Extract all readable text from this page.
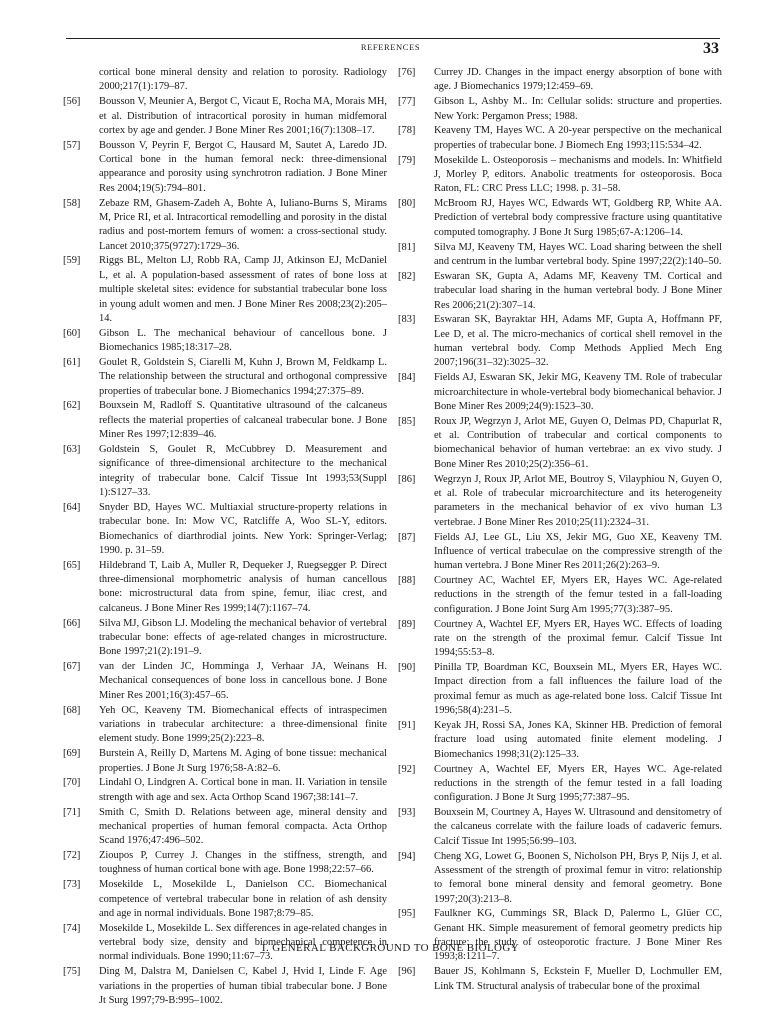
REFERENCES	33

cortical bone mineral density and relation to porosity. Radiology 2000;217(1):179–87.

[56] Bousson V, Meunier A, Bergot C, Vicaut E, Rocha MA, Morais MH, et al. Distribution of intracortical porosity in human midfemoral cortex by age and gender. J Bone Miner Res 2001;16(7):1308–17.

[57] Bousson V, Peyrin F, Bergot C, Hausard M, Sautet A, Laredo JD. Cortical bone in the human femoral neck: three-dimensional appearance and porosity using synchrotron radiation. J Bone Miner Res 2004;19(5):794–801.

[58] Zebaze RM, Ghasem-Zadeh A, Bohte A, Iuliano-Burns S, Mirams M, Price RI, et al. Intracortical remodelling and porosity in the distal radius and post-mortem femurs of women: a cross-sectional study. Lancet 2010;375(9727):1729–36.

[59] Riggs BL, Melton LJ, Robb RA, Camp JJ, Atkinson EJ, McDaniel L, et al. A population-based assessment of rates of bone loss at multiple skeletal sites: evidence for substantial trabecular bone loss in young adult women and men. J Bone Miner Res 2008;23(2):205–14.

[60] Gibson L. The mechanical behaviour of cancellous bone. J Biomechanics 1985;18:317–28.

[61] Goulet R, Goldstein S, Ciarelli M, Kuhn J, Brown M, Feldkamp L. The relationship between the structural and orthogonal compressive properties of trabecular bone. J Biomechanics 1994;27:375–89.

[62] Bouxsein M, Radloff S. Quantitative ultrasound of the calcaneus reflects the material properties of calcaneal trabecular bone. J Bone Miner Res 1997;12:839–46.

[63] Goldstein S, Goulet R, McCubbrey D. Measurement and significance of three-dimensional architecture to the mechanical integrity of trabecular bone. Calcif Tissue Int 1993;53(Suppl 1):S127–33.

[64] Snyder BD, Hayes WC. Multiaxial structure-property relations in trabecular bone. In: Mow VC, Ratcliffe A, Woo SL-Y, editors. Biomechanics of diarthrodial joints. New York: Springer-Verlag; 1990. p. 31–59.

[65] Hildebrand T, Laib A, Muller R, Dequeker J, Ruegsegger P. Direct three-dimensional morphometric analysis of human cancellous bone: microstructural data from spine, femur, iliac crest, and calcaneus. J Bone Miner Res 1999;14(7):1167–74.

[66] Silva MJ, Gibson LJ. Modeling the mechanical behavior of vertebral trabecular bone: effects of age-related changes in microstructure. Bone 1997;21(2):191–9.

[67] van der Linden JC, Homminga J, Verhaar JA, Weinans H. Mechanical consequences of bone loss in cancellous bone. J Bone Miner Res 2001;16(3):457–65.

[68] Yeh OC, Keaveny TM. Biomechanical effects of intraspecimen variations in trabecular architecture: a three-dimensional finite element study. Bone 1999;25(2):223–8.

[69] Burstein A, Reilly D, Martens M. Aging of bone tissue: mechanical properties. J Bone Jt Surg 1976;58-A:82–6.

[70] Lindahl O, Lindgren A. Cortical bone in man. II. Variation in tensile strength with age and sex. Acta Orthop Scand 1967;38:141–7.

[71] Smith C, Smith D. Relations between age, mineral density and mechanical properties of human femoral compacta. Acta Orthop Scand 1976;47:496–502.

[72] Zioupos P, Currey J. Changes in the stiffness, strength, and toughness of human cortical bone with age. Bone 1998;22:57–66.

[73] Mosekilde L, Mosekilde L, Danielson CC. Biomechanical competence of vertebral trabecular bone in relation of ash density and age in normal individuals. Bone 1987;8:79–85.

[74] Mosekilde L, Mosekilde L. Sex differences in age-related changes in vertebral body size, density and biomechanical competence in normal individuals. Bone 1990;11:67–73.

[75] Ding M, Dalstra M, Danielsen C, Kabel J, Hvid I, Linde F. Age variations in the properties of human tibial trabecular bone. J Bone Jt Surg 1997;79-B:995–1002.

[76] Currey JD. Changes in the impact energy absorption of bone with age. J Biomechanics 1979;12:459–69.

[77] Gibson L, Ashby M.. In: Cellular solids: structure and properties. New York: Pergamon Press; 1988.

[78] Keaveny TM, Hayes WC. A 20-year perspective on the mechanical properties of trabecular bone. J Biomech Eng 1993;115:534–42.

[79] Mosekilde L. Osteoporosis – mechanisms and models. In: Whitfield J, Morley P, editors. Anabolic treatments for osteoporosis. Boca Raton, FL: CRC Press LLC; 1998. p. 31–58.

[80] McBroom RJ, Hayes WC, Edwards WT, Goldberg RP, White AA. Prediction of vertebral body compressive fracture using quantitative computed tomography. J Bone Jt Surg 1985;67-A:1206–14.

[81] Silva MJ, Keaveny TM, Hayes WC. Load sharing between the shell and centrum in the lumbar vertebral body. Spine 1997;22(2):140–50.

[82] Eswaran SK, Gupta A, Adams MF, Keaveny TM. Cortical and trabecular load sharing in the human vertebral body. J Bone Miner Res 2006;21(2):307–14.

[83] Eswaran SK, Bayraktar HH, Adams MF, Gupta A, Hoffmann PF, Lee D, et al. The micro-mechanics of cortical shell removel in the human vertebral body. Comp Methods Applied Mech Eng 2007;196(31–32):3025–32.

[84] Fields AJ, Eswaran SK, Jekir MG, Keaveny TM. Role of trabecular microarchitecture in whole-vertebral body biomechanical behavior. J Bone Miner Res 2009;24(9):1523–30.

[85] Roux JP, Wegrzyn J, Arlot ME, Guyen O, Delmas PD, Chapurlat R, et al. Contribution of trabecular and cortical components to biomechanical behavior of human vertebrae: an ex vivo study. J Bone Miner Res 2010;25(2):356–61.

[86] Wegrzyn J, Roux JP, Arlot ME, Boutroy S, Vilayphiou N, Guyen O, et al. Role of trabecular microarchitecture and its heterogeneity parameters in the mechanical behavior of ex vivo human L3 vertebrae. J Bone Miner Res 2010;25(11):2324–31.

[87] Fields AJ, Lee GL, Liu XS, Jekir MG, Guo XE, Keaveny TM. Influence of vertical trabeculae on the compressive strength of the human vertebra. J Bone Miner Res 2011;26(2):263–9.

[88] Courtney AC, Wachtel EF, Myers ER, Hayes WC. Age-related reductions in the strength of the femur tested in a fall-loading configuration. J Bone Joint Surg Am 1995;77(3):387–95.

[89] Courtney A, Wachtel EF, Myers ER, Hayes WC. Effects of loading rate on the strength of the proximal femur. Calcif Tissue Int 1994;55:53–8.

[90] Pinilla TP, Boardman KC, Bouxsein ML, Myers ER, Hayes WC. Impact direction from a fall influences the failure load of the proximal femur as much as age-related bone loss. Calcif Tissue Int 1996;58(4):231–5.

[91] Keyak JH, Rossi SA, Jones KA, Skinner HB. Prediction of femoral fracture load using automated finite element modeling. J Biomechanics 1998;31(2):125–33.

[92] Courtney A, Wachtel EF, Myers ER, Hayes WC. Age-related reductions in the strength of the femur tested in a fall loading configuration. J Bone Jt Surg 1995;77:387–95.

[93] Bouxsein M, Courtney A, Hayes W. Ultrasound and densitometry of the calcaneus correlate with the failure loads of cadaveric femurs. Calcif Tissue Int 1995;56:99–103.

[94] Cheng XG, Lowet G, Boonen S, Nicholson PH, Brys P, Nijs J, et al. Assessment of the strength of proximal femur in vitro: relationship to femoral bone mineral density and femoral geometry. Bone 1997;20(3):213–8.

[95] Faulkner KG, Cummings SR, Black D, Palermo L, Glüer CC, Genant HK. Simple measurement of femoral geometry predicts hip fracture: the study of osteoporotic fracture. J Bone Miner Res 1993;8:1211–7.

[96] Bauer JS, Kohlmann S, Eckstein F, Mueller D, Lochmuller EM, Link TM. Structural analysis of trabecular bone of the proximal

I. GENERAL BACKGROUND TO BONE BIOLOGY
